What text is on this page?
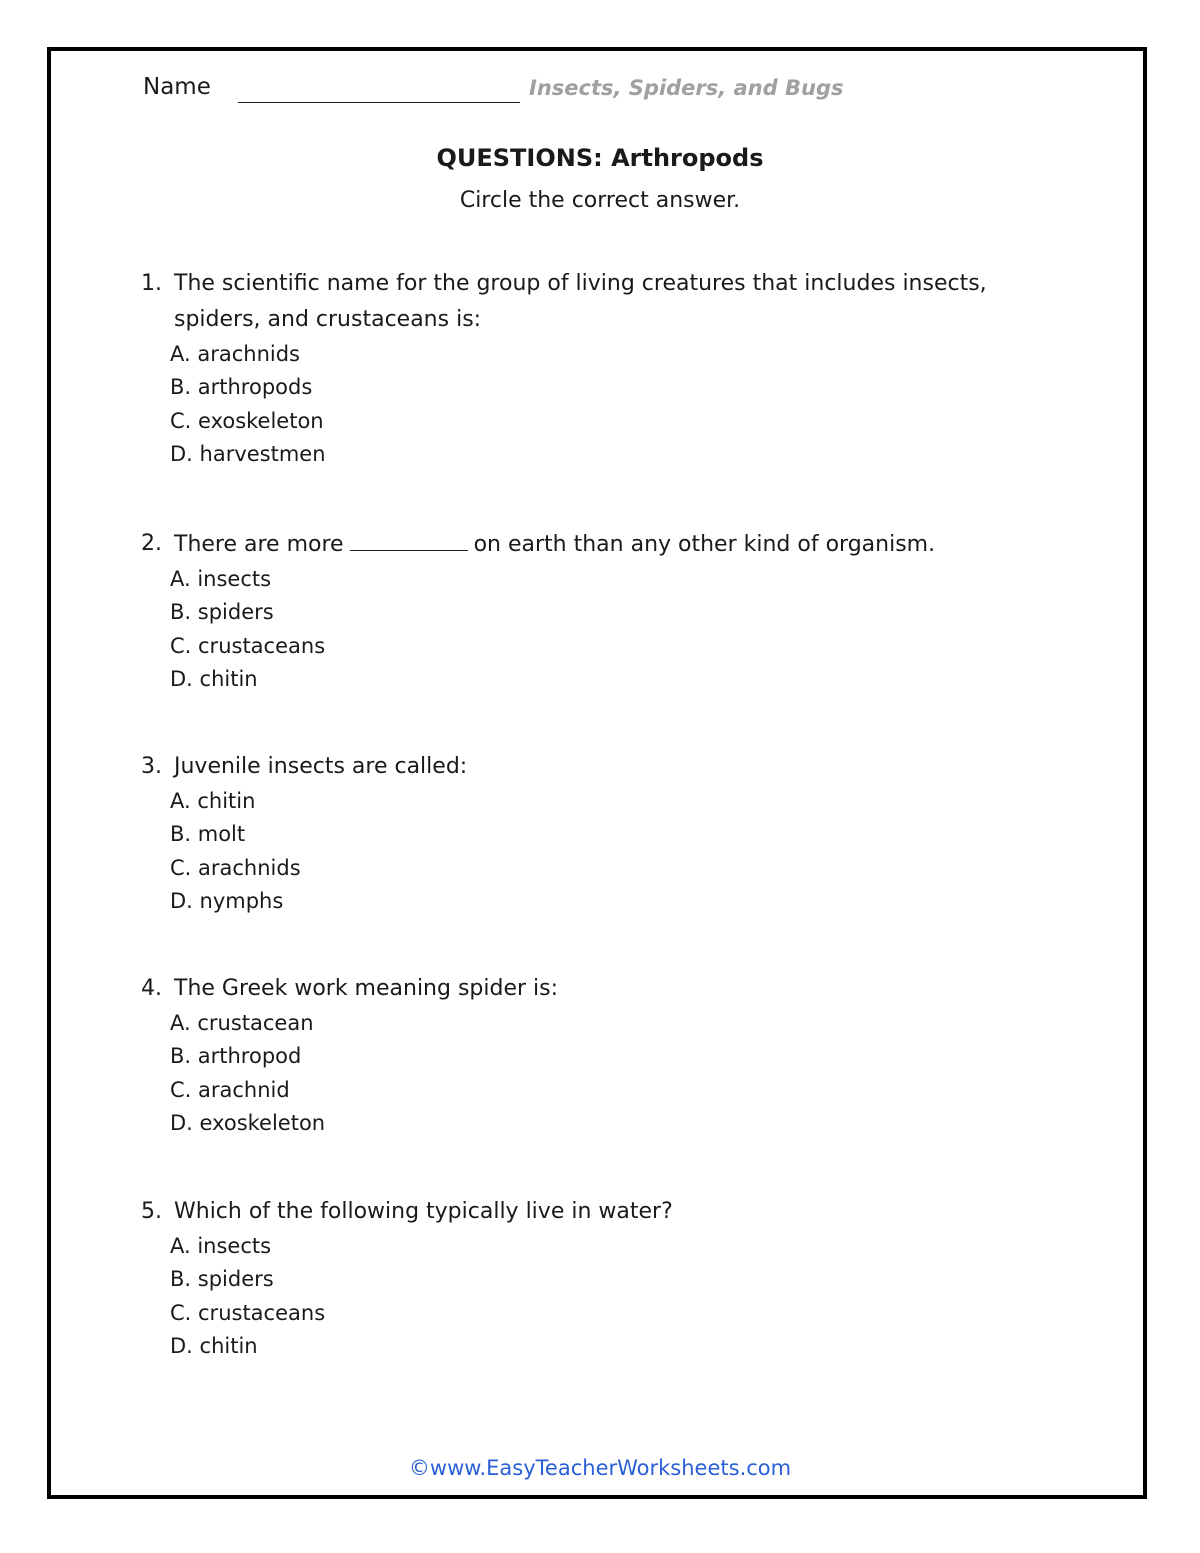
Name	Insects, Spiders, and Bugs
QUESTIONS: Arthropods
Circle the correct answer.
1. The scientific name for the group of living creatures that includes insects, spiders, and crustaceans is:
A. arachnids
B. arthropods
C. exoskeleton
D. harvestmen
2. There are more	on earth than any other kind of organism.
A. insects
B. spiders
C. crustaceans
D. chitin
3. Juvenile insects are called:
A. chitin
B. molt
C. arachnids
D. nymphs
4. The Greek work meaning spider is:
A. crustacean
B. arthropod
C. arachnid
D. exoskeleton
5. Which of the following typically live in water?
A. insects
B. spiders
C. crustaceans
D. chitin
©www.EasyTeacherWorksheets.com
